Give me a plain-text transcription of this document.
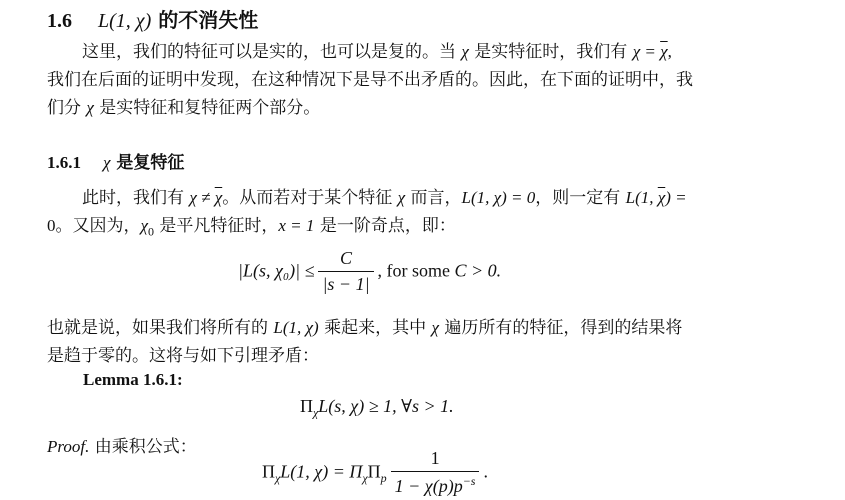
1.6 L(1, χ) 的不消失性
这里，我们的特征可以是实的，也可以是复的。当 χ 是实特征时，我们有 $\chi = \overline{\chi}$,
我们在后面的证明中发现，在这种情况下是导不出矛盾的。因此，在下面的证明中，我
们分 χ 是实特征和复特征两个部分。
1.6.1 χ 是复特征
此时，我们有 $\chi \ne \overline{\chi}$。从而若对于某个特征 χ 而言，L(1, χ) = 0，则一定有 L(1, $\overline{\chi}$) =
0。又因为，$\chi_0$ 是平凡特征时，x = 1 是一阶奇点，即：
|L(s, $\chi_0)| \le \frac{C}{|s - 1|}$ , for some C > 0.
也就是说，如果我们将所有的 L(1, χ) 乘起来，其中 χ 遍历所有的特征，得到的结果将
是趋于零的。这将与如下引理矛盾：
Lemma 1.6.1:
$\Pi_\chi L(s$, χ) ≥ 1, ∀s > 1.
Proof. 由乘积公式：
$\Pi_\chi L(1$, $\chi) = \Pi_\chi\Pi_p \frac{1}{1 - \chi(p)p^{-s}}$ .
